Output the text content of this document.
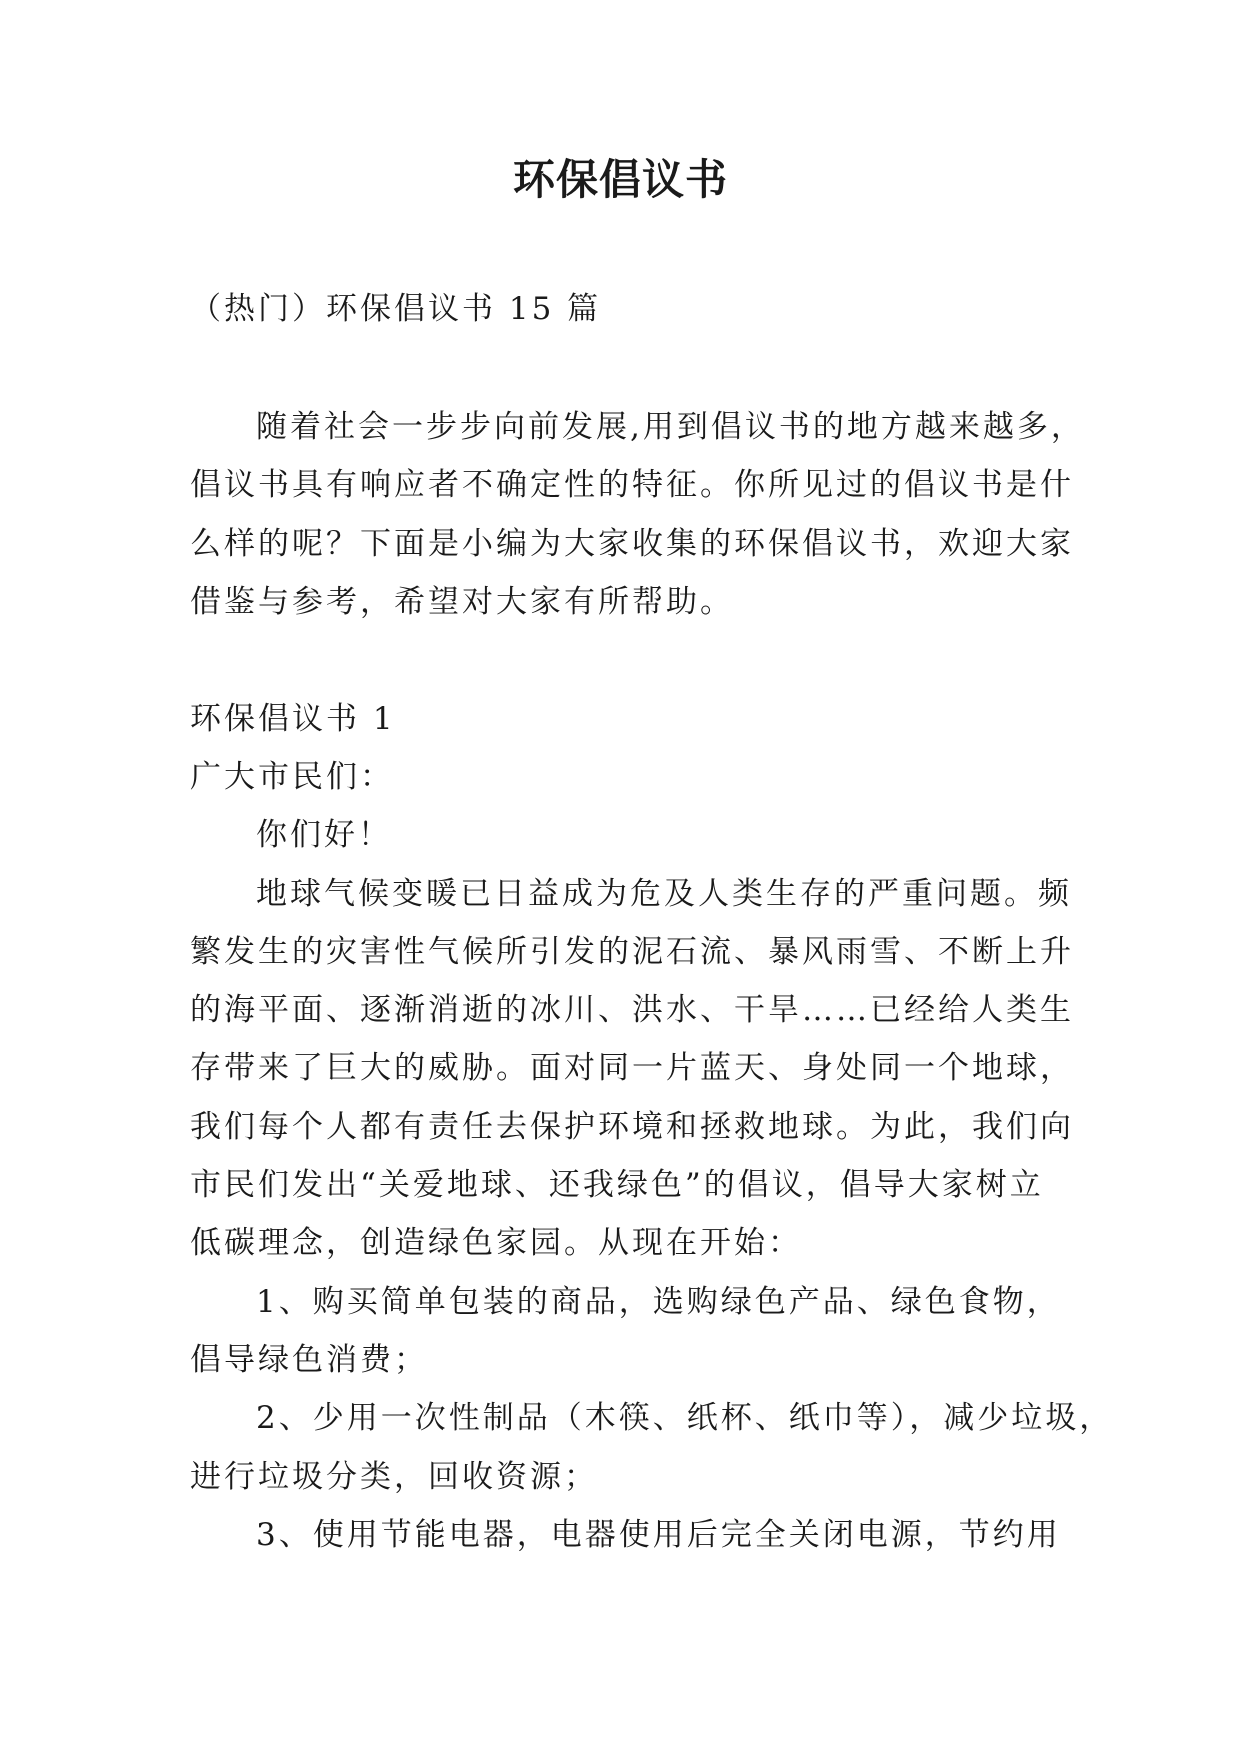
环保倡议书
（热门）环保倡议书 15 篇
随着社会一步步向前发展,用到倡议书的地方越来越多，
倡议书具有响应者不确定性的特征。你所见过的倡议书是什
么样的呢？下面是小编为大家收集的环保倡议书，欢迎大家
借鉴与参考，希望对大家有所帮助。
环保倡议书 1
广大市民们：
你们好！
地球气候变暖已日益成为危及人类生存的严重问题。频
繁发生的灾害性气候所引发的泥石流、暴风雨雪、不断上升
的海平面、逐渐消逝的冰川、洪水、干旱……已经给人类生
存带来了巨大的威胁。面对同一片蓝天、身处同一个地球，
我们每个人都有责任去保护环境和拯救地球。为此，我们向
市民们发出“关爱地球、还我绿色”的倡议，倡导大家树立
低碳理念，创造绿色家园。从现在开始：
1、购买简单包装的商品，选购绿色产品、绿色食物，
倡导绿色消费；
2、少用一次性制品（木筷、纸杯、纸巾等），减少垃圾，
进行垃圾分类，回收资源；
3、使用节能电器，电器使用后完全关闭电源，节约用
